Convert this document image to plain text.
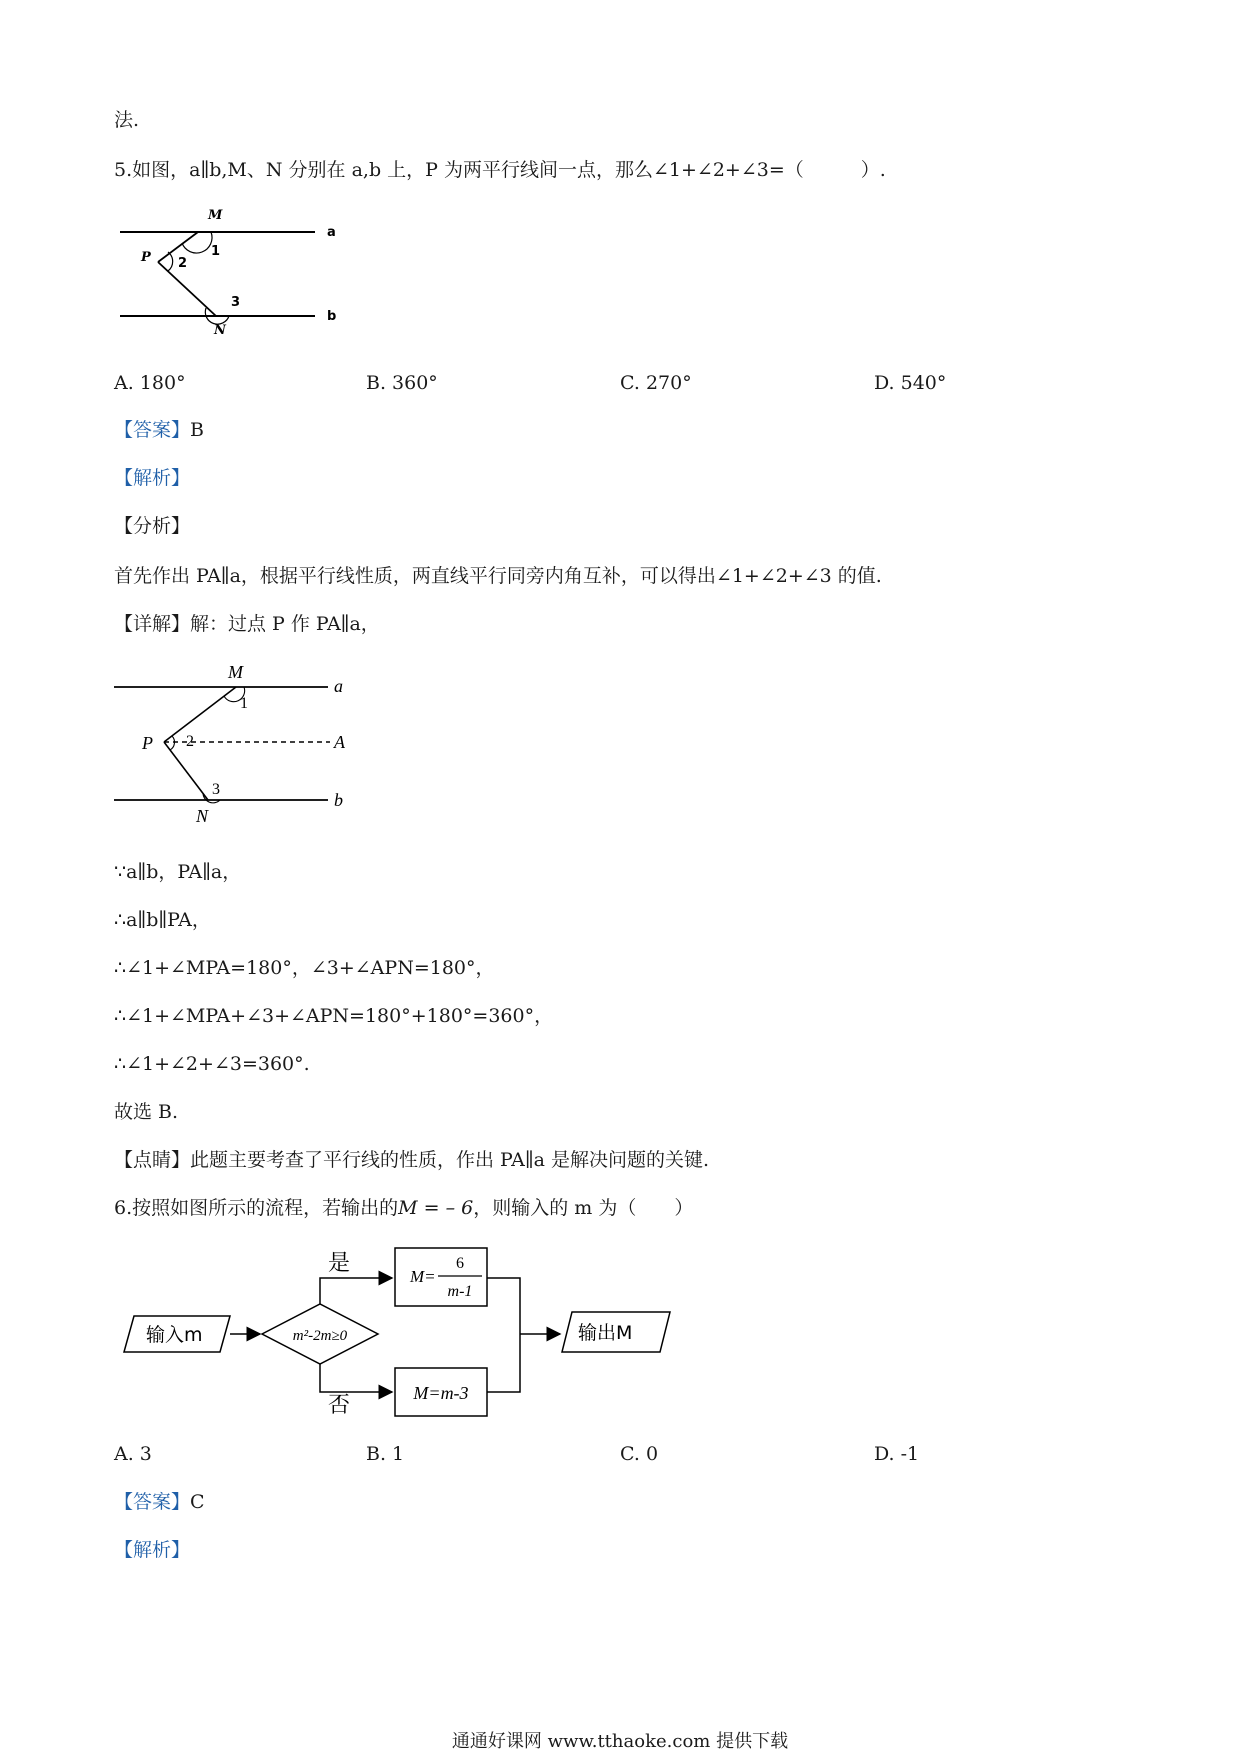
法.
5.如图，a∥b,M、N 分别在 a,b 上，P 为两平行线间一点，那么∠1+∠2+∠3=（　　　）.
M
P
N
a
b
1
2
3
A. 180°	B. 360°	C. 270°	D. 540°
【答案】B
【解析】
【分析】
首先作出 PA∥a，根据平行线性质，两直线平行同旁内角互补，可以得出∠1+∠2+∠3 的值.
【详解】解：过点 P 作 PA∥a，
M
P
N
A
a
b
1
2
3
∵a∥b，PA∥a，
∴a∥b∥PA，
∴∠1+∠MPA=180°，∠3+∠APN=180°，
∴∠1+∠MPA+∠3+∠APN=180°+180°=360°，
∴∠1+∠2+∠3=360°.
故选 B.
【点睛】此题主要考查了平行线的性质，作出 PA∥a 是解决问题的关键.
6.按照如图所示的流程，若输出的M = – 6，则输入的 m 为（　　）
输入m	m²-2m≥0
是
M=
6
m-1
否	M=m-3
输出M
A. 3	B. 1	C. 0	D. -1
【答案】C
【解析】
通通好课网 www.tthaoke.com 提供下载
